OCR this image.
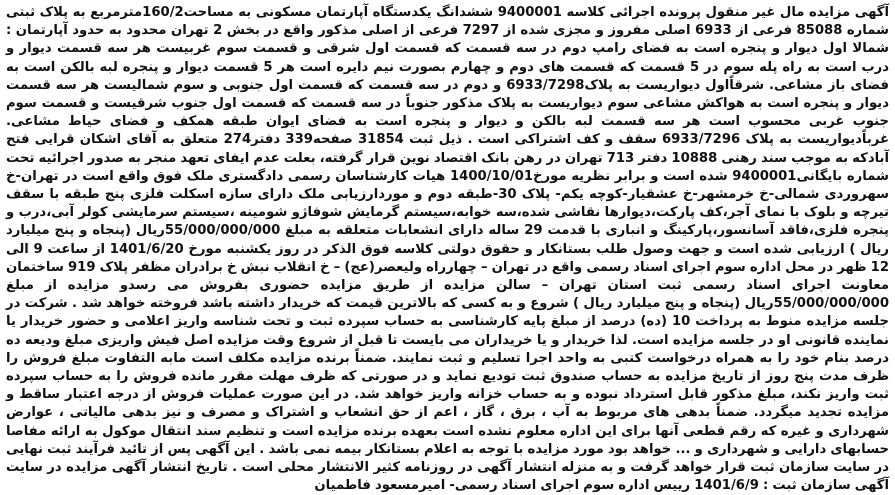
آگهی مزایده مال غیر منقول پرونده اجرائی کلاسه 9400001 ششدانگ یکدستگاه آپارتمان مسکونی به مساحت160/2مترمربع به پلاک ثبتی شماره 85088 فرعی از 6933 اصلی مفروز و مجزی شده از 7297 فرعی از اصلی مذکور واقع در بخش 2 تهران محدود به حدود آپارتمان : شمالا اول دیوار و پنجره است به فضای رامپ دوم در سه قسمت که قسمت اول شرقی و قسمت سوم غربیست هر سه قسمت دیوار و درب است به راه پله سوم در 5 قسمت که قسمت های دوم و چهارم بصورت نیم دایره است هر 5 قسمت دیوار و پنجره لبه بالکن است به فضای باز مشاعی. شرقاًاول دیواریست به پلاک6933/7298 و دوم در سه قسمت که قسمت اول جنوبی و سوم شمالیست هر سه قسمت دیوار و پنجره است به هواکش مشاعی سوم دیواریست به پلاک مذکور جنوباً در سه قسمت که قسمت اول جنوب شرقیست و قسمت سوم جنوب غربی محسوب است هر سه قسمت لبه بالکن و دیوار و پنجره است به فضای ایوان طبقه همکف و فضای حیاط مشاعی. غرباًدیواریست به پلاک 6933/7296 سقف و کف اشتراکی است . ذیل ثبت 31854 صفحه339 دفتر274 متعلق به آقای اشکان قرایی فتح آبادکه به موجب سند رهنی 10888 دفتر 713 تهران در رهن بانک اقتصاد نوین قرار گرفته، بعلت عدم ایفای تعهد منجر به صدور اجرائیه تحت شماره بایگانی9400001 شده است و برابر نظریه مورخ1400/10/01 هیات کارشناسان رسمی دادگستری ملک فوق واقع است در تهران-خ سهروردی شمالی-خ خرمشهر-خ عشقیار-کوچه یکم- پلاک 30-طبقه دوم و موردارزیابی ملک دارای سازه اسکلت فلزی پنج طبقه با سقف تیرچه و بلوک با نمای آجر،کف پارکت،دیوارها نقاشی شده،سه خوابه،سیستم گرمایش شوفاژو شومینه ،سیستم سرمایشی کولر آبی،درب و پنجره فلزی،فاقد آسانسور،پارکینگ و انباری با قدمت 29 ساله دارای انشعابات متعلقه به مبلغ 55/000/000/000ریال (پنجاه و پنج میلیارد ریال ) ارزیابی شده است و جهت وصول طلب بستانکار و حقوق دولتی کلاسه فوق الذکر در روز یکشنبه مورخ 1401/6/20 از ساعت 9 الی 12 ظهر در محل اداره سوم اجرای اسناد رسمی واقع در تهران – چهارراه ولیعصر(عج) – خ انقلاب نبش خ برادران مظفر پلاک 919 ساختمان معاونت اجرای اسناد رسمی ثبت استان تهران – سالن مزایده از طریق مزایده حضوری بفروش می رسدو مزایده از مبلغ 55/000/000/000ریال (پنجاه و پنج میلیارد ریال ) شروع و به کسی که بالاترین قیمت که خریدار داشته باشد فروخته خواهد شد . شرکت در جلسه مزایده منوط به پرداخت 10 (ده) درصد از مبلغ پایه کارشناسی به حساب سپرده ثبت و تحت شناسه واریز اعلامی و حضور خریدار یا نماینده قانونی او در جلسه مزایده است. لذا خریدار و یا خریداران می بایست تا قبل از شروع وقت مزایده اصل فیش واریزی مبلغ ودیعه ده درصد بنام خود را به همراه درخواست کتبی به واحد اجرا تسلیم و ثبت نمایند. ضمناً برنده مزایده مکلف است مابه التفاوت مبلغ فروش را ظرف مدت پنج روز از تاریخ مزایده به حساب صندوق ثبت تودیع نماید و در صورتی که ظرف مهلت مقرر مانده فروش را به حساب سپرده ثبت واریز نکند، مبلغ مذکور قابل استرداد نبوده و به حساب خزانه واریز خواهد شد. در این صورت عملیات فروش از درجه اعتبار ساقط و مزایده تجدید میگردد. ضمناً بدهی های مربوط به آب ، برق ، گاز ، اعم از حق انشعاب و اشتراک و مصرف و نیز بدهی مالیاتی ، عوارض شهرداری و غیره که رقم قطعی آنها برای این اداره معلوم نشده است بعهده برنده مزایده است و تنظیم سند انتقال موکول به ارائه مفاصا حسابهای دارایی و شهرداری و ... خواهد بود مورد مزایده با توجه به اعلام بستانکار بیمه نمی باشد . این آگهی پس از تائید فرآیند ثبت نهایی در سایت سازمان ثبت قرار خواهد گرفت و به منزله انتشار آگهی در روزنامه کثیر الانتشار محلی است . تاریخ انتشار آگهی مزایده در سایت آگهی سازمان ثبت : 1401/6/9 رییس اداره سوم اجرای اسناد رسمی- امیرمسعود فاطمیان
